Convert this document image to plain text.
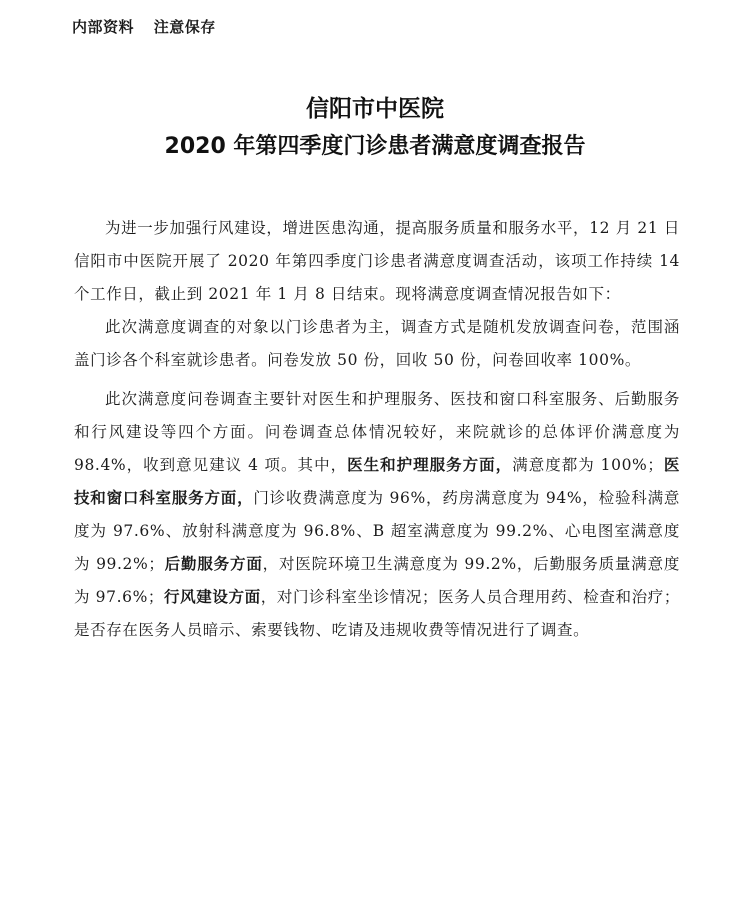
内部资料 注意保存
信阳市中医院
2020 年第四季度门诊患者满意度调查报告

为进一步加强行风建设，增进医患沟通，提高服务质量和服务水平，12 月 21 日信阳市中医院开展了 2020 年第四季度门诊患者满意度调查活动，该项工作持续 14 个工作日，截止到 2021 年 1 月 8 日结束。现将满意度调查情况报告如下：

此次满意度调查的对象以门诊患者为主，调查方式是随机发放调查问卷，范围涵盖门诊各个科室就诊患者。问卷发放 50 份，回收 50 份，问卷回收率 100%。

此次满意度问卷调查主要针对医生和护理服务、医技和窗口科室服务、后勤服务和行风建设等四个方面。问卷调查总体情况较好，来院就诊的总体评价满意度为 98.4%，收到意见建议 4 项。其中，医生和护理服务方面，满意度都为 100%；医技和窗口科室服务方面，门诊收费满意度为 96%，药房满意度为 94%，检验科满意度为 97.6%、放射科满意度为 96.8%、B 超室满意度为 99.2%、心电图室满意度为 99.2%；后勤服务方面，对医院环境卫生满意度为 99.2%，后勤服务质量满意度为 97.6%；行风建设方面，对门诊科室坐诊情况；医务人员合理用药、检查和治疗；是否存在医务人员暗示、索要钱物、吃请及违规收费等情况进行了调查。
